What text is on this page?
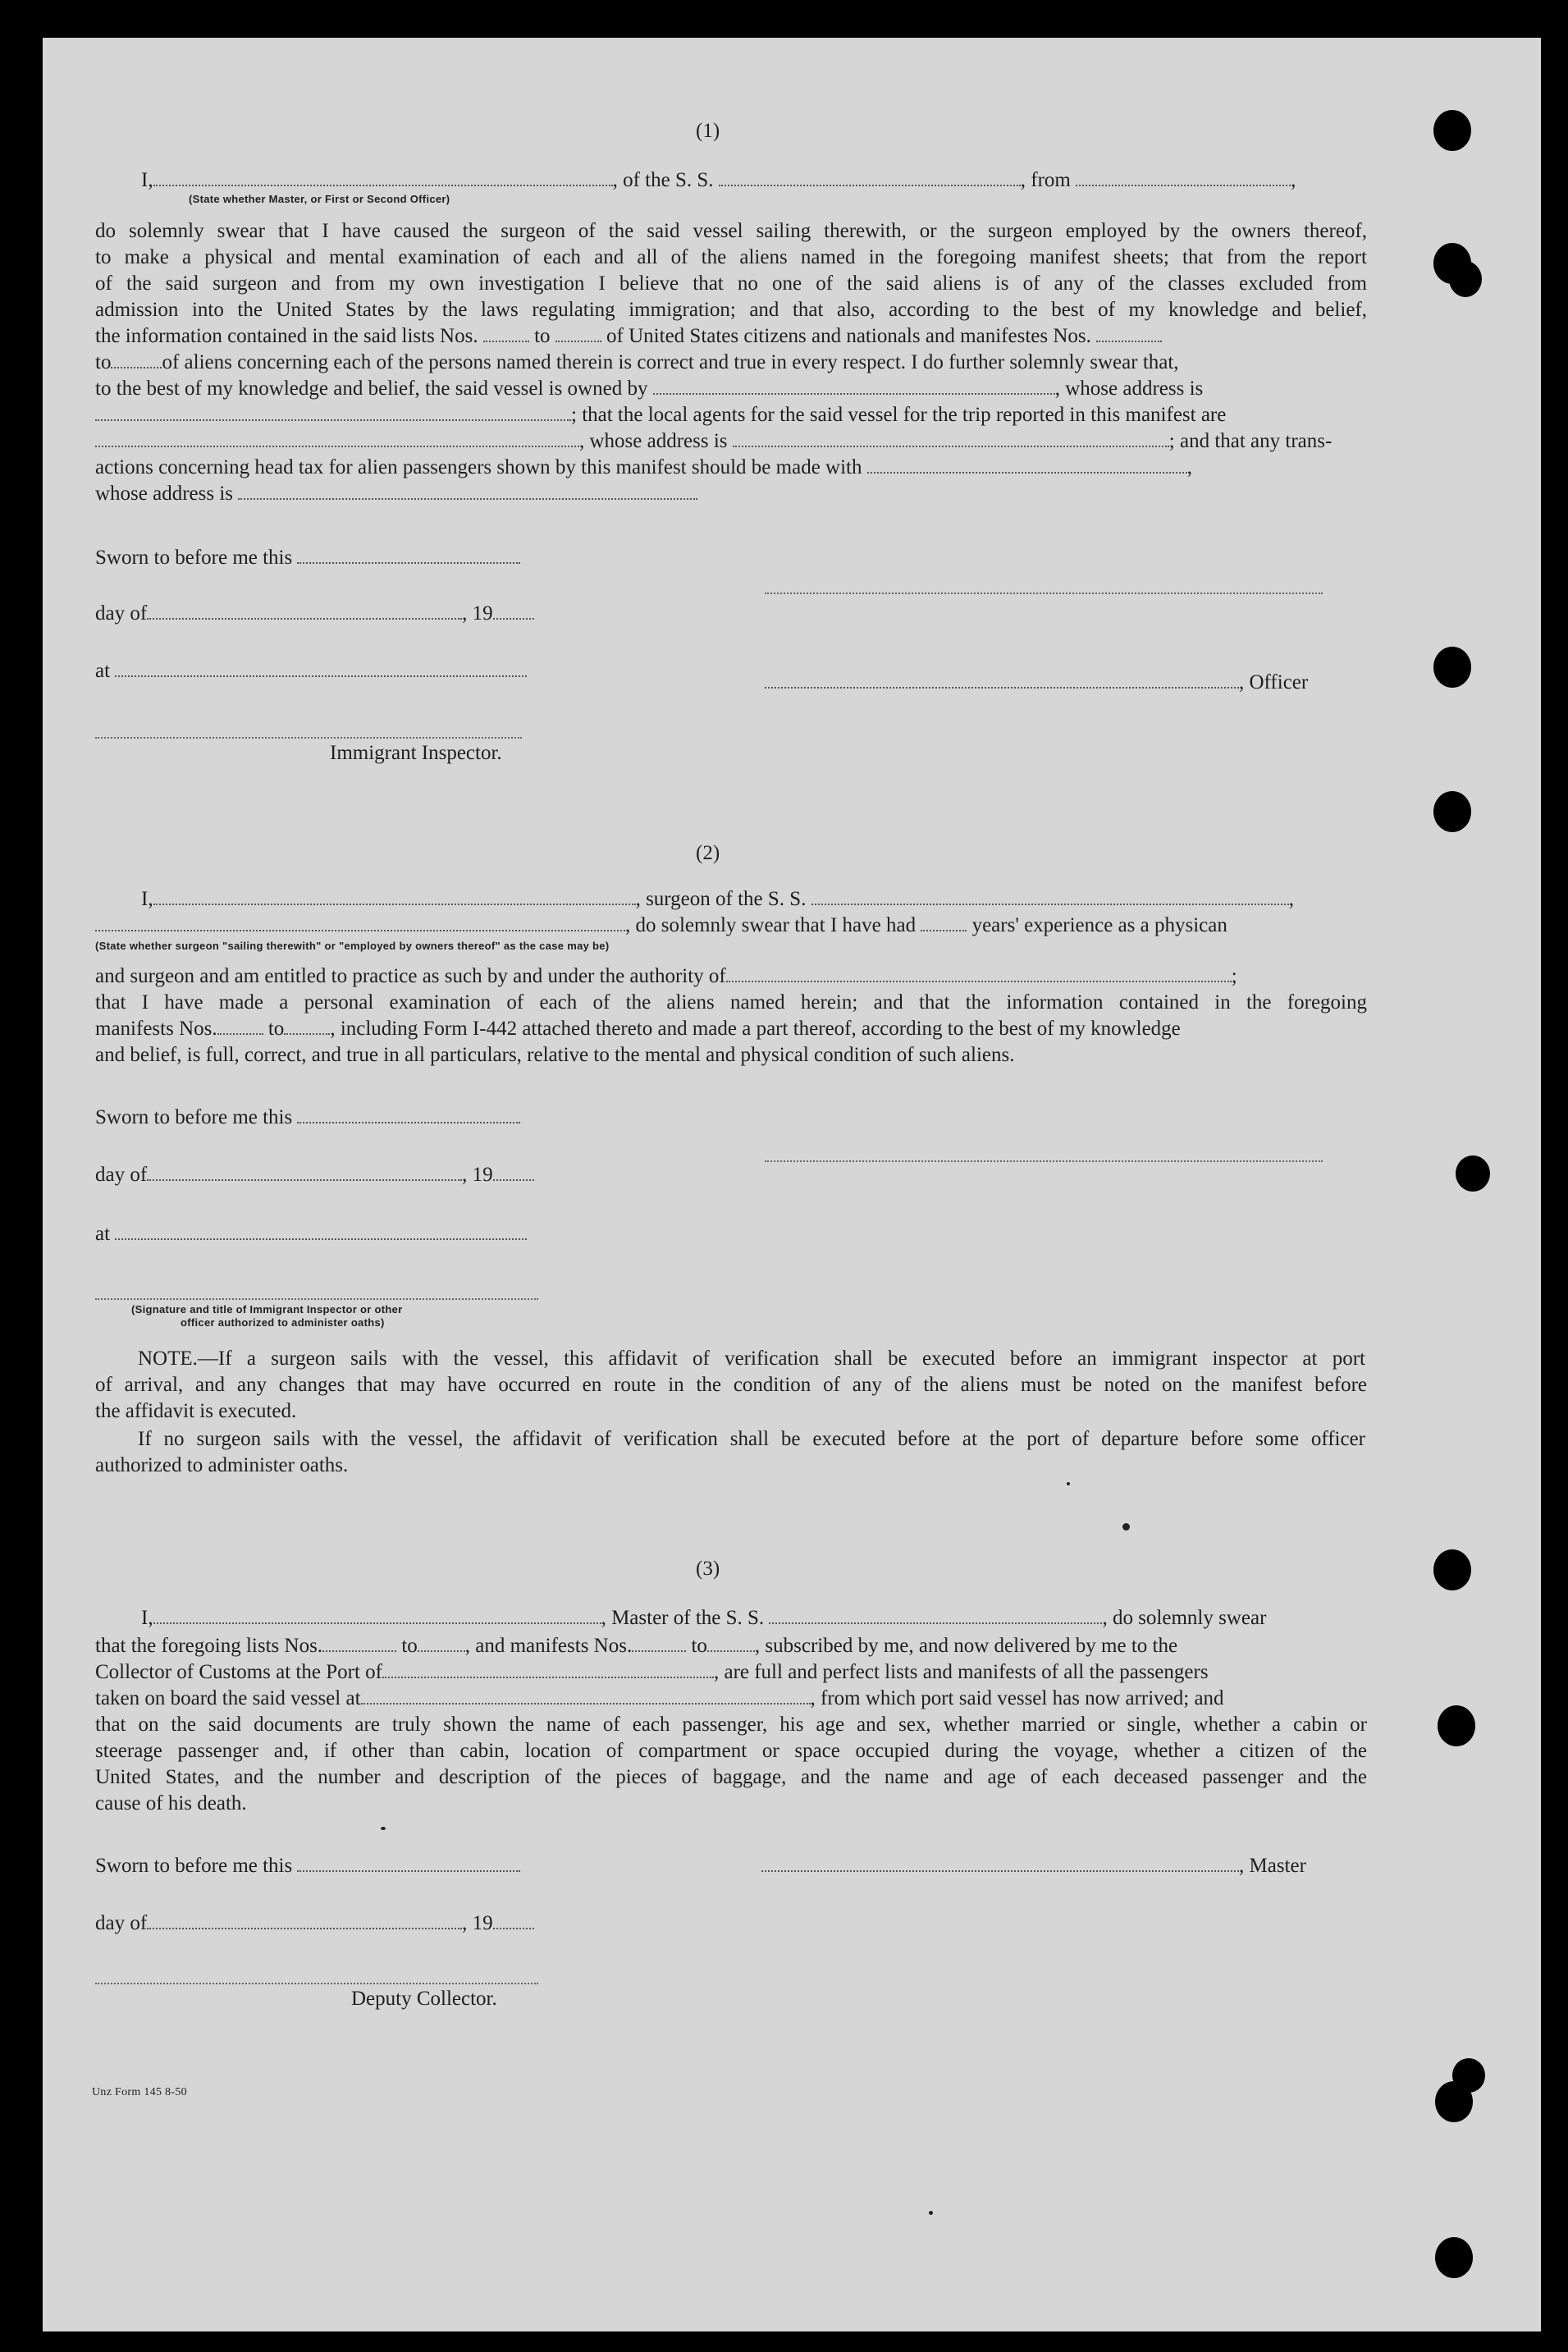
(1)
I,	, of the S. S.	, from	,
(State whether Master, or First or Second Officer)
do solemnly swear that I have caused the surgeon of the said vessel sailing therewith, or the surgeon employed by the owners thereof,
to make a physical and mental examination of each and all of the aliens named in the foregoing manifest sheets; that from the report
of the said surgeon and from my own investigation I believe that no one of the said aliens is of any of the classes excluded from
admission into the United States by the laws regulating immigration; and that also, according to the best of my knowledge and belief,
the information contained in the said lists Nos.	to	of United States citizens and nationals and manifestes Nos.
to of aliens concerning each of the persons named therein is correct and true in every respect. I do further solemnly swear that,
to the best of my knowledge and belief, the said vessel is owned by	, whose address is
; that the local agents for the said vessel for the trip reported in this manifest are
, whose address is	; and that any trans-
actions concerning head tax for alien passengers shown by this manifest should be made with	,
whose address is
Sworn to before me this
day of	, 19
at
, Officer
Immigrant Inspector.
(2)
I,	, surgeon of the S. S.	,
, do solemnly swear that I have had	years' experience as a physican
(State whether surgeon "sailing therewith" or "employed by owners thereof" as the case may be)
and surgeon and am entitled to practice as such by and under the authority of	;
that I have made a personal examination of each of the aliens named herein; and that the information contained in the foregoing
manifests Nos. to , including Form I-442 attached thereto and made a part thereof, according to the best of my knowledge
and belief, is full, correct, and true in all particulars, relative to the mental and physical condition of such aliens.
Sworn to before me this
day of	, 19
at
(Signature and title of Immigrant Inspector or other
officer authorized to administer oaths)
NOTE.—If a surgeon sails with the vessel, this affidavit of verification shall be executed before an immigrant inspector at port
of arrival, and any changes that may have occurred en route in the condition of any of the aliens must be noted on the manifest before
the affidavit is executed.
If no surgeon sails with the vessel, the affidavit of verification shall be executed before at the port of departure before some officer
authorized to administer oaths.
(3)
I,	, Master of the S. S.	, do solemnly swear
that the foregoing lists Nos.	to , and manifests Nos.	to , subscribed by me, and now delivered by me to the
Collector of Customs at the Port of	, are full and perfect lists and manifests of all the passengers
taken on board the said vessel at	, from which port said vessel has now arrived; and
that on the said documents are truly shown the name of each passenger, his age and sex, whether married or single, whether a cabin or
steerage passenger and, if other than cabin, location of compartment or space occupied during the voyage, whether a citizen of the
United States, and the number and description of the pieces of baggage, and the name and age of each deceased passenger and the
cause of his death.
Sworn to before me this	, Master
day of	, 19
Deputy Collector.
Unz Form 145 8-50
